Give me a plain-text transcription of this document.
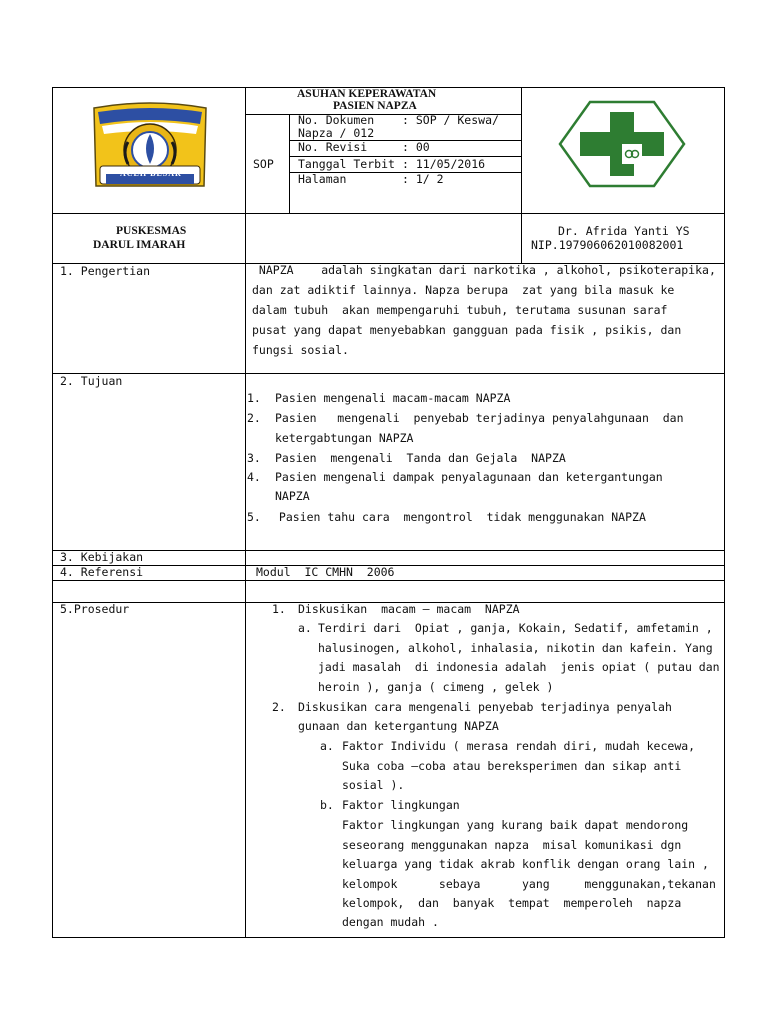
ACEH BESAR
ASUHAN KEPERAWATAN
PASIEN NAPZA
SOP
No. Dokumen : SOP / Keswa/
Napza / 012
No. Revisi	: 00
Tanggal Terbit : 11/05/2016
Halaman	: 1/ 2
PUSKESMAS
DARUL IMARAH
Dr. Afrida Yanti YS
NIP.197906062010082001
1. Pengertian	NAPZA    adalah singkatan dari narkotika , alkohol, psikoterapika,
dan zat adiktif lainnya. Napza berupa  zat yang bila masuk ke
dalam tubuh  akan mempengaruhi tubuh, terutama susunan saraf
pusat yang dapat menyebabkan gangguan pada fisik , psikis, dan
fungsi sosial.
2. Tujuan
1. Pasien mengenali macam-macam NAPZA
2. Pasien   mengenali  penyebab terjadinya penyalahgunaan  dan
ketergabtungan NAPZA
3. Pasien  mengenali  Tanda dan Gejala  NAPZA
4. Pasien mengenali dampak penyalagunaan dan ketergantungan
NAPZA
5. Pasien tahu cara  mengontrol  tidak menggunakan NAPZA
3. Kebijakan
4. Referensi	Modul  IC CMHN  2006
5.Prosedur	1. Diskusikan  macam – macam  NAPZA
a. Terdiri dari  Opiat , ganja, Kokain, Sedatif, amfetamin ,
halusinogen, alkohol, inhalasia, nikotin dan kafein. Yang
jadi masalah  di indonesia adalah  jenis opiat ( putau dan
heroin ), ganja ( cimeng , gelek )
2. Diskusikan cara mengenali penyebab terjadinya penyalah
gunaan dan ketergantung NAPZA
a. Faktor Individu ( merasa rendah diri, mudah kecewa,
Suka coba –coba atau bereksperimen dan sikap anti
sosial ).
b. Faktor lingkungan
Faktor lingkungan yang kurang baik dapat mendorong
seseorang menggunakan napza  misal komunikasi dgn
keluarga yang tidak akrab konflik dengan orang lain ,
kelompok      sebaya      yang     menggunakan,tekanan
kelompok,  dan  banyak  tempat  memperoleh  napza
dengan mudah .
